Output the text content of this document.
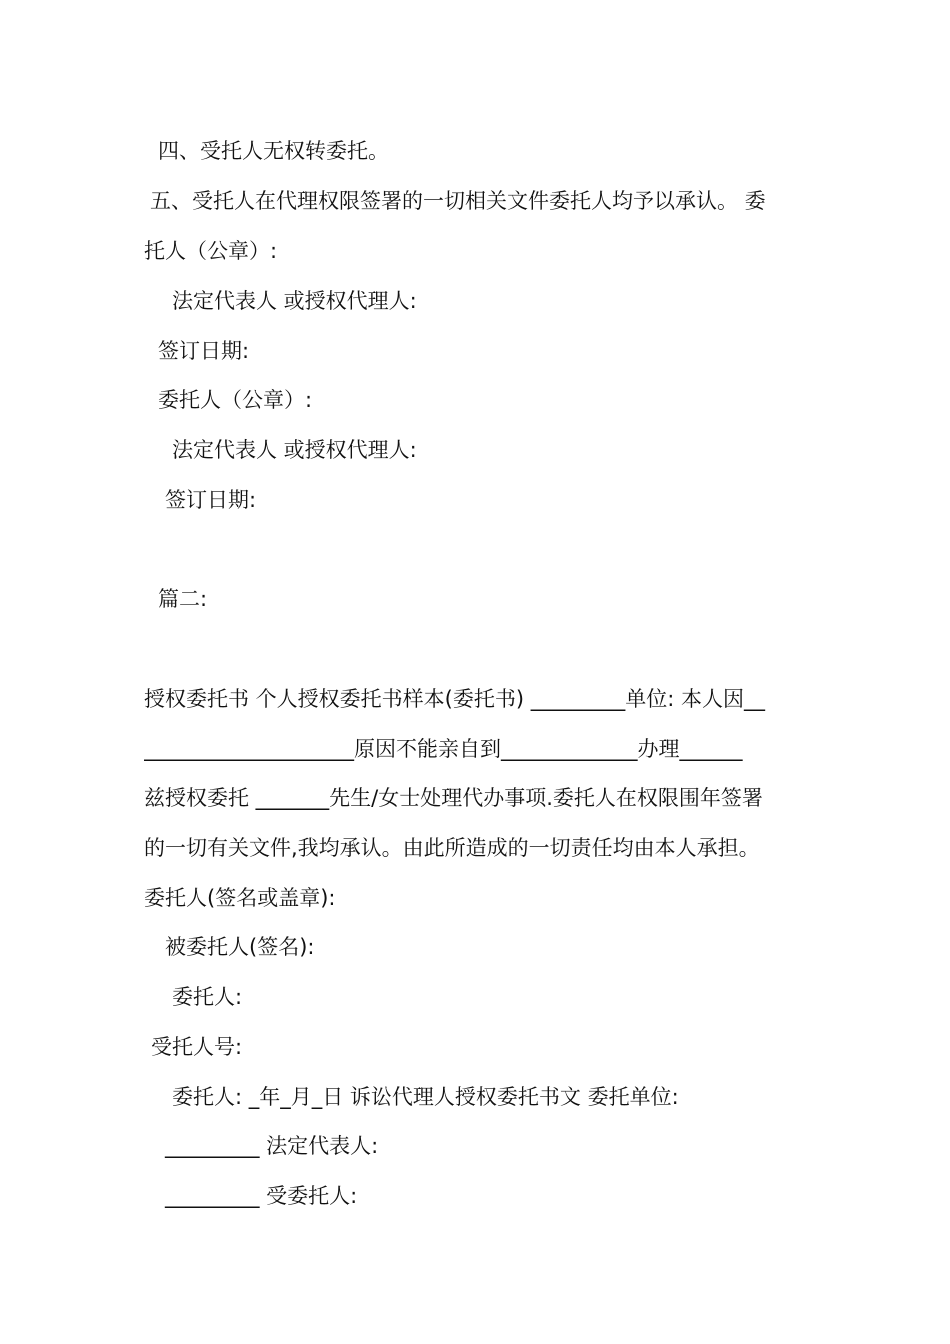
四、受托人无权转委托。
五、受托人在代理权限签署的一切相关文件委托人均予以承认。 委
托人（公章）:
法定代表人 或授权代理人:
签订日期:
委托人（公章）:
法定代表人 或授权代理人:
签订日期:
篇二:
授权委托书 个人授权委托书样本(委托书) _________单位: 本人因__
____________________原因不能亲自到_____________办理______
兹授权委托 _______先生/女士处理代办事项.委托人在权限围年签署
的一切有关文件,我均承认。由此所造成的一切责任均由本人承担。
委托人(签名或盖章):
被委托人(签名):
委托人:
受托人号:
委托人: _年_月_日 诉讼代理人授权委托书文 委托单位:
_________ 法定代表人:
_________ 受委托人:
